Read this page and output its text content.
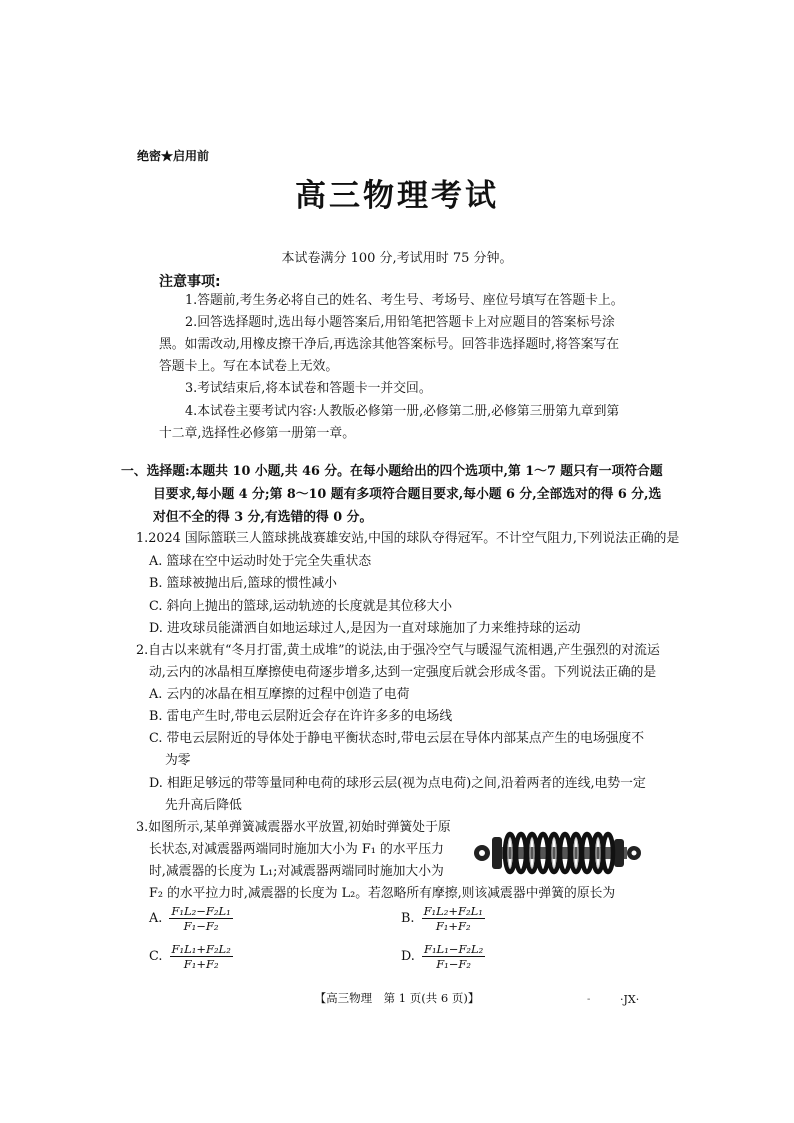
绝密★启用前
高三物理考试
本试卷满分 100 分,考试用时 75 分钟。
注意事项:
1.答题前,考生务必将自己的姓名、考生号、考场号、座位号填写在答题卡上。
2.回答选择题时,选出每小题答案后,用铅笔把答题卡上对应题目的答案标号涂
黑。如需改动,用橡皮擦干净后,再选涂其他答案标号。回答非选择题时,将答案写在
答题卡上。写在本试卷上无效。
3.考试结束后,将本试卷和答题卡一并交回。
4.本试卷主要考试内容:人教版必修第一册,必修第二册,必修第三册第九章到第
十二章,选择性必修第一册第一章。
一、选择题:本题共 10 小题,共 46 分。在每小题给出的四个选项中,第 1～7 题只有一项符合题
目要求,每小题 4 分;第 8～10 题有多项符合题目要求,每小题 6 分,全部选对的得 6 分,选
对但不全的得 3 分,有选错的得 0 分。
1.2024 国际篮联三人篮球挑战赛雄安站,中国的球队夺得冠军。不计空气阻力,下列说法正确的是
A. 篮球在空中运动时处于完全失重状态
B. 篮球被抛出后,篮球的惯性减小
C. 斜向上抛出的篮球,运动轨迹的长度就是其位移大小
D. 进攻球员能潇洒自如地运球过人,是因为一直对球施加了力来维持球的运动
2.自古以来就有“冬月打雷,黄土成堆”的说法,由于强冷空气与暖湿气流相遇,产生强烈的对流运
动,云内的冰晶相互摩擦使电荷逐步增多,达到一定强度后就会形成冬雷。下列说法正确的是
A. 云内的冰晶在相互摩擦的过程中创造了电荷
B. 雷电产生时,带电云层附近会存在许许多多的电场线
C. 带电云层附近的导体处于静电平衡状态时,带电云层在导体内部某点产生的电场强度不
为零
D. 相距足够远的带等量同种电荷的球形云层(视为点电荷)之间,沿着两者的连线,电势一定
先升高后降低
3.如图所示,某单弹簧减震器水平放置,初始时弹簧处于原
长状态,对减震器两端同时施加大小为 F₁ 的水平压力
时,减震器的长度为 L₁;对减震器两端同时施加大小为
F₂ 的水平拉力时,减震器的长度为 L₂。若忽略所有摩擦,则该减震器中弹簧的原长为
A. $\frac{\text{F₁L₂−F₂L₁}}{\text{F₁−F₂}}$	B. $\frac{\text{F₁L₂+F₂L₁}}{\text{F₁+F₂}}$
C. $\frac{\text{F₁L₁+F₂L₂}}{\text{F₁+F₂}}$	D. $\frac{\text{F₁L₁−F₂L₂}}{\text{F₁−F₂}}$
【高三物理　第 1 页(共 6 页)】	-	·JX·
